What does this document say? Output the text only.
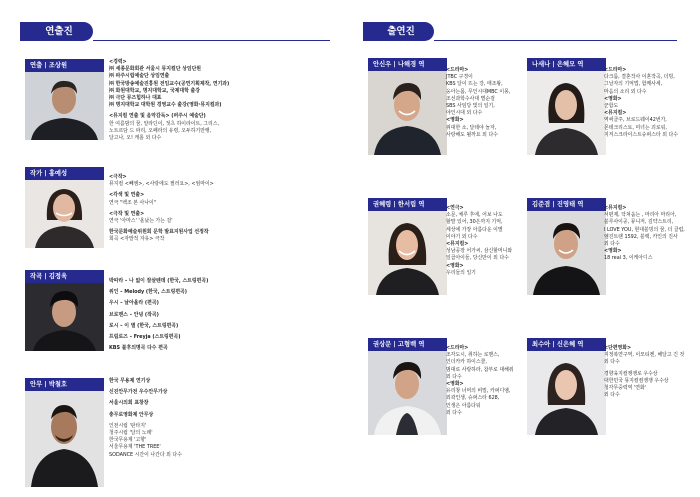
연출진	출연진
연출 | 조상원	<경력>
㈜ 세종문화회관 서울시 뮤지컬단 상임단원
㈜ 파주시립예술단 상임연출
㈜ 한국방송예술진흥원 전임교수(공연기획제작, 연기과)
㈜ 화원대학교, 명지대학교, 국제대학 출강
㈜ 극단 뮤즈힙하나 대표
㈜ 명지대학교 대학원 경영교수 출강(영화·뮤지컬과)
<뮤지컬 연출 및 음악감독> (퍼주시 예술단)
한 여름밤의 꿈, 알라딘이, 젓츠 하이라이트, 그리스,
노트르담 드 파리, 오페라의 유령, 오두하기만행,
달고나, 오! 캐롤 외 다수
작가 | 홍예성	<극작>
뮤지컬 <빼앰>, <사랑에도 필러요>, <엄마이>
<각색 및 연출>
연극 "백조 본 사나이"
<극작 및 연출>
연극 '아마스' '올났는 가는 걸'
한국문화예술위원회 문학 발표지원사업 선정작
희곡 <자발적 자유> 극작
작곡 | 김정욱
박따라 – 나 없이 잘살텐데 (한국, 스트링편곡)
위인 – Melody (한국, 스트링편곡)
우시 – 날아올라 (편곡)
브로맨스 – 안녕 (작곡)
로시 – 이 별 (한국, 스트링편곡)
프림로즈 – Freyja (스트링편곡)
KBS 불후의명곡 다수 편곡
안무 | 박철호	한국 무용제 연기상
신진안무가전 우수안무가상
서울시의회 표창장
충무로영화제 안무상
인천시립 '판타지'
청주시립 '달의 노래'
한국무용제 '고향'
서울무용제 'THE TREE'
SODANCE 시간이 나간다 외 다수
안신우 | 나해경 역
<드라마>
JTBC 구경이
KBS 달이 뜨는 강, 태조왕,
옹아는몸, 무인시대MBC 이몽,
조선과학수사대 별순검
SBS 사임당 빛의 일기,
야인시대 외 다수
<영화>
위대한 소, 달테야 놀자,
사랑해도 될까요 외 다수
나새나 | 은혜모 역
<드라마>
다크룸, 결혼작사 이혼작곡, 더빙,
그날자의 기억법, 함께사세,
마음의 소리 외 다수
<영화>
군함도
<뮤지컬>
역써클주, 브로드웨이42번가,
몬테크리스토, 미녀는 괴로워,
지저스크라이스트슈퍼스타 외 다수
권혜령 | 한서림 역	<연극>
소문, 체루 후에, 어보 나도
할말 있어, 30은까지 기억,
세상에 가장 아름다운 이별
이야기 외 다수
<뮤지컬>
성남공장 어가씨, 삼신할머니와
일곱아이들, 당신만이 외 다수
<영화>
우리들의 일기
김준겸 | 진영태 역	<뮤지컬>
서편제, 닥쳐옵는 , 마리아 마리아,
블루사이공, 뮤니저, 김약스트리,
I LOVE YOU, 현대블빙의 꿈, 더 클럽,
엠진트랜 1592, 블랙, 카인의 진사
외 다수
<영화>
18 real 3, 이케아디스
권상문 | 고형백 역	<드라마>
조각도시, 취하는 로맨스,
인더카카 하이스쿨,
범대로 사랑하라, 참부로 대해줘
외 다수
<영화>
유리창 너머의 비밀, 카퍼디엠,
외곽인생, 슈퍼스타 628,
인생은 아름다워
외 다수
최수아 | 신은혜 역	<단편영화>
지정복연구역, 이모티켄, 해달고 긴 것
외 다수
경향육지컬쟁쟁로 우수상
대한민국 뮤지컬컴쟁쟁 우수상
청각무중력역 '연화'
외 다수
